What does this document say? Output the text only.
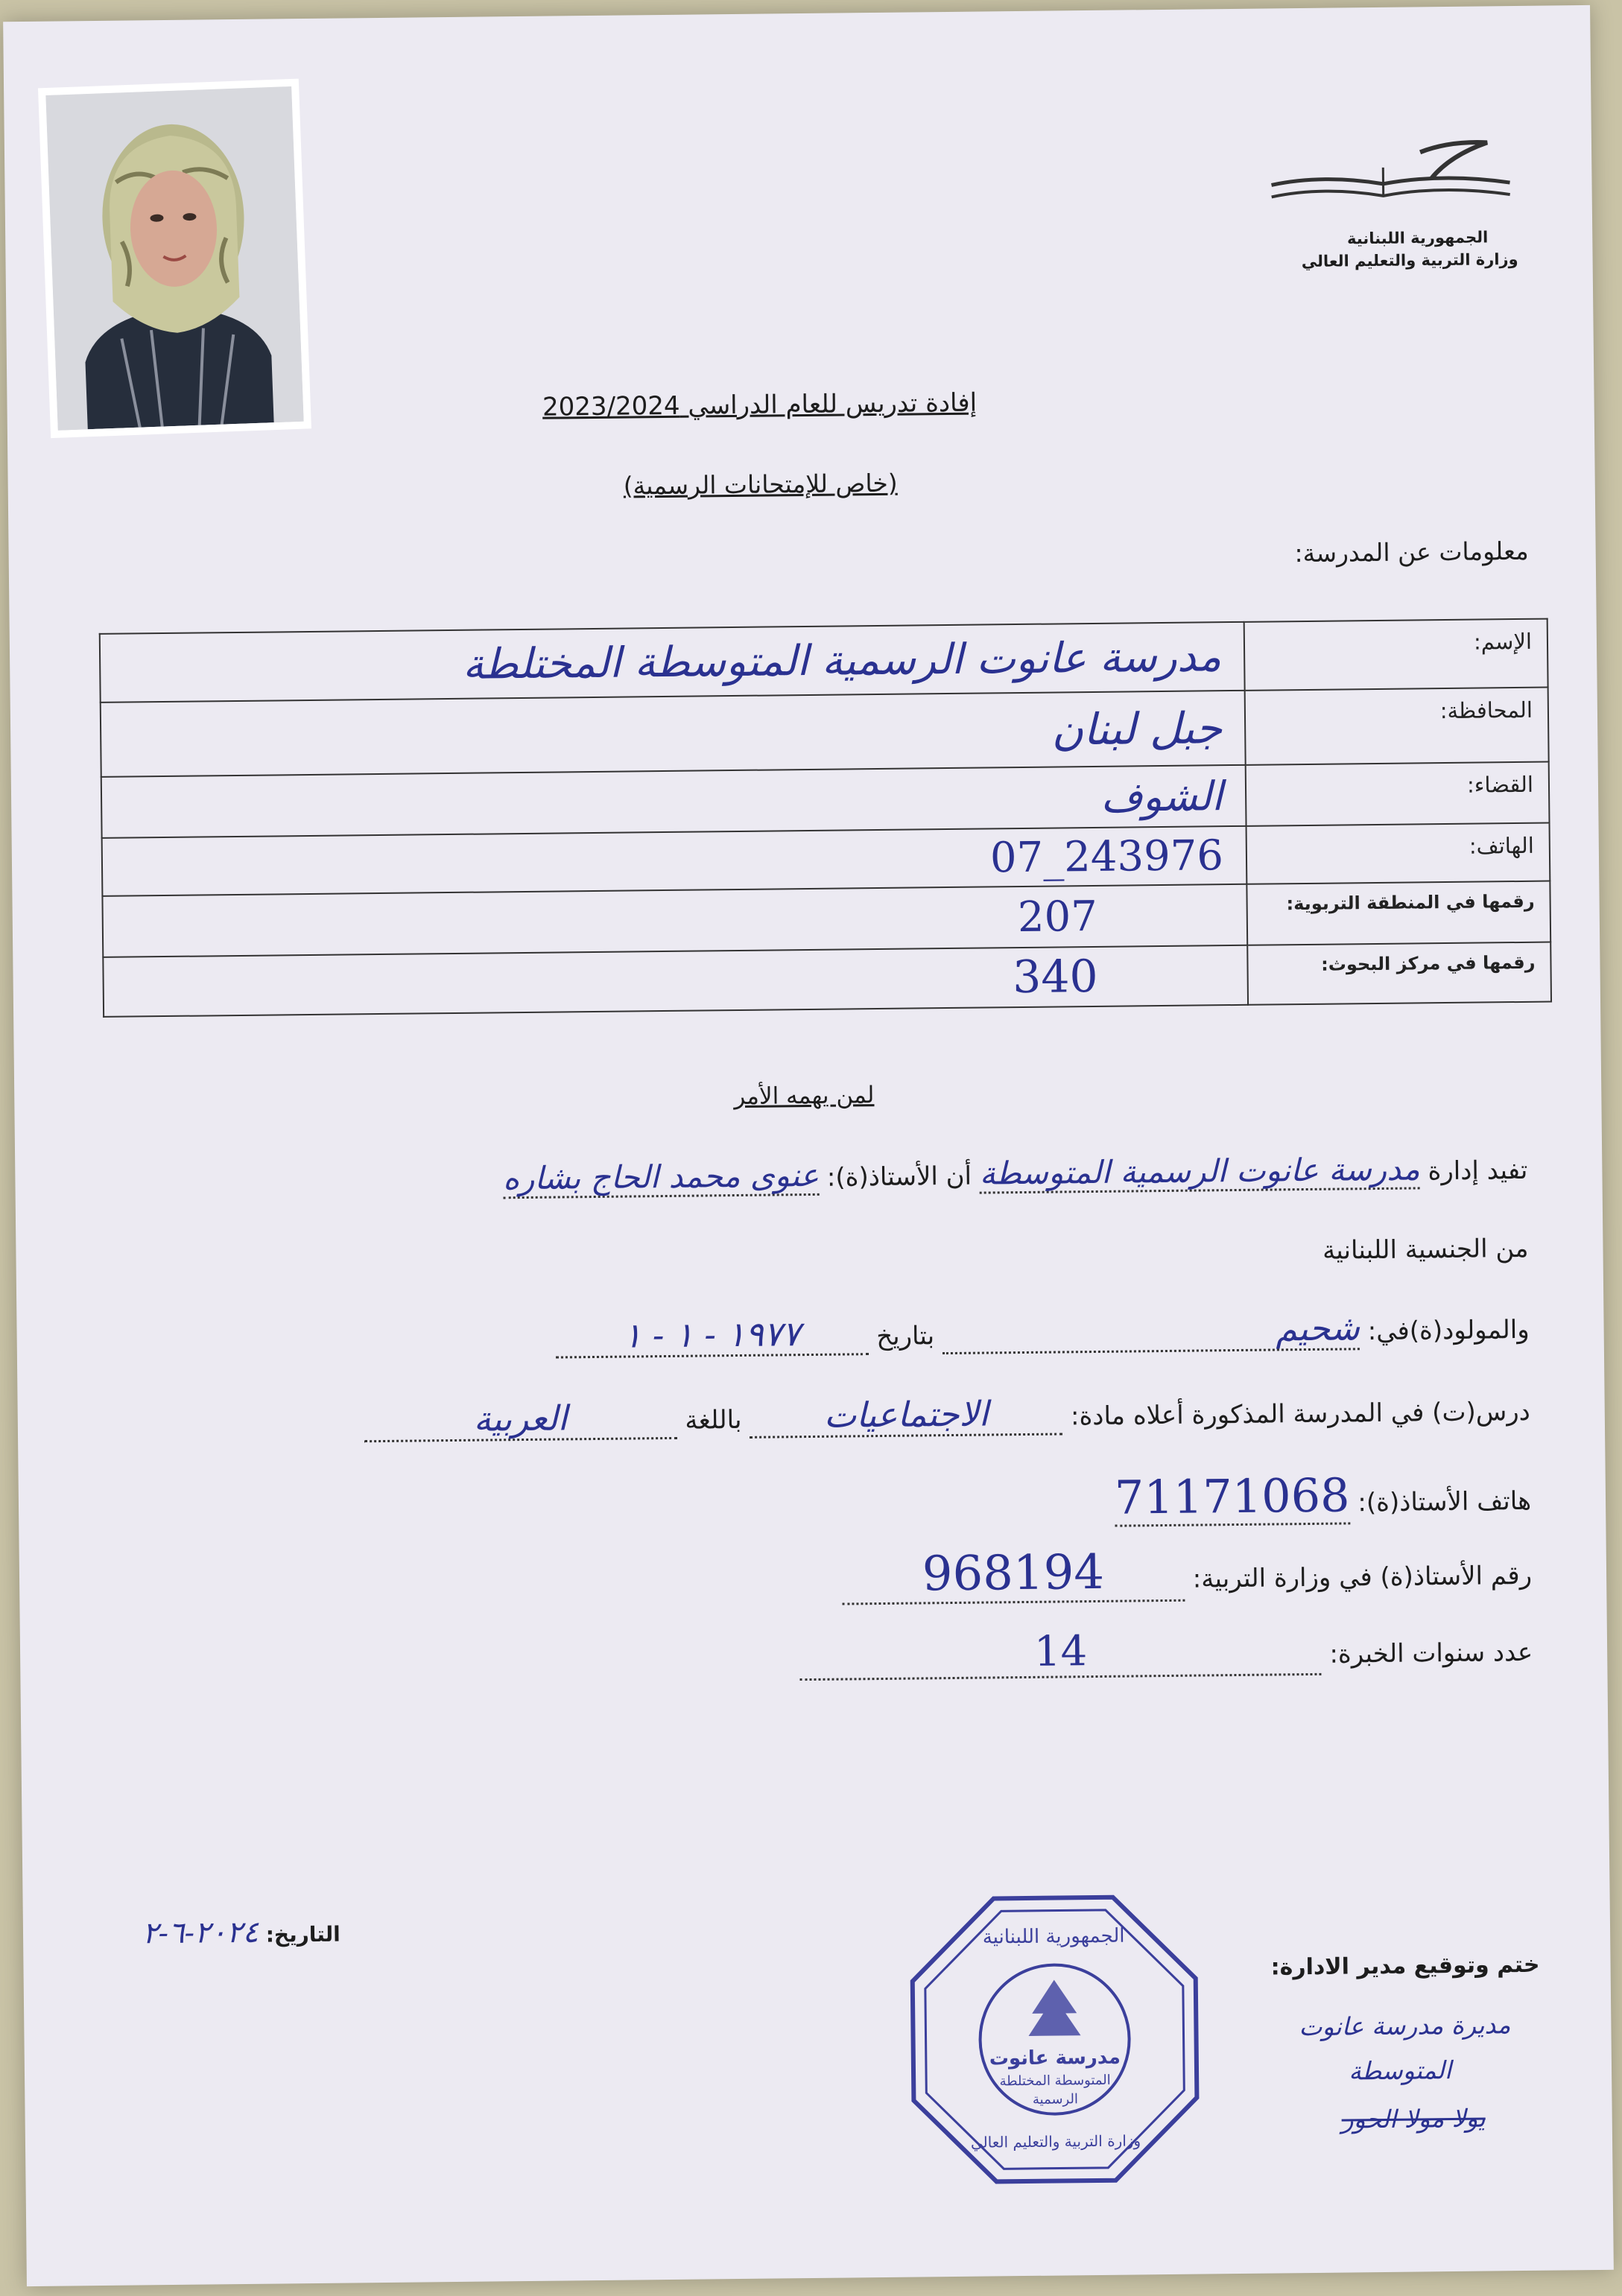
الجمهورية اللبنانية
وزارة التربية والتعليم العالي
إفادة تدريس للعام الدراسي 2023/2024
(خاص للإمتحانات الرسمية)
معلومات عن المدرسة:
مدرسة عانوت الرسمية المتوسطة المختلطة	الإسم:
جبل لبنان	المحافظة:
الشوف	القضاء:
07_243976	الهاتف:
207	رقمها في المنطقة التربوية:
340	رقمها في مركز البحوث:
لمن يهمه الأمر
تفيد إدارة مدرسة عانوت الرسمية المتوسطة أن الأستاذ(ة): عنوى محمد الحاج بشاره
من الجنسية اللبنانية
والمولود(ة)في: شحيم بتاريخ ١٩٧٧ - ١ - ١
درس(ت) في المدرسة المذكورة أعلاه مادة: الاجتماعيات باللغة العربية
هاتف الأستاذ(ة): 71171068
رقم الأستاذ(ة) في وزارة التربية: 968194
عدد سنوات الخبرة: 14
التاريخ: ٢٠٢٤-٦-٢
ختم وتوقيع مدير الادارة:
مدرسة عانوت
المتوسطة المختلطة
الرسمية
الجمهورية اللبنانية
وزارة التربية والتعليم العالي
مديرة مدرسة عانوت
المتوسطة
يولا مولا الحور
